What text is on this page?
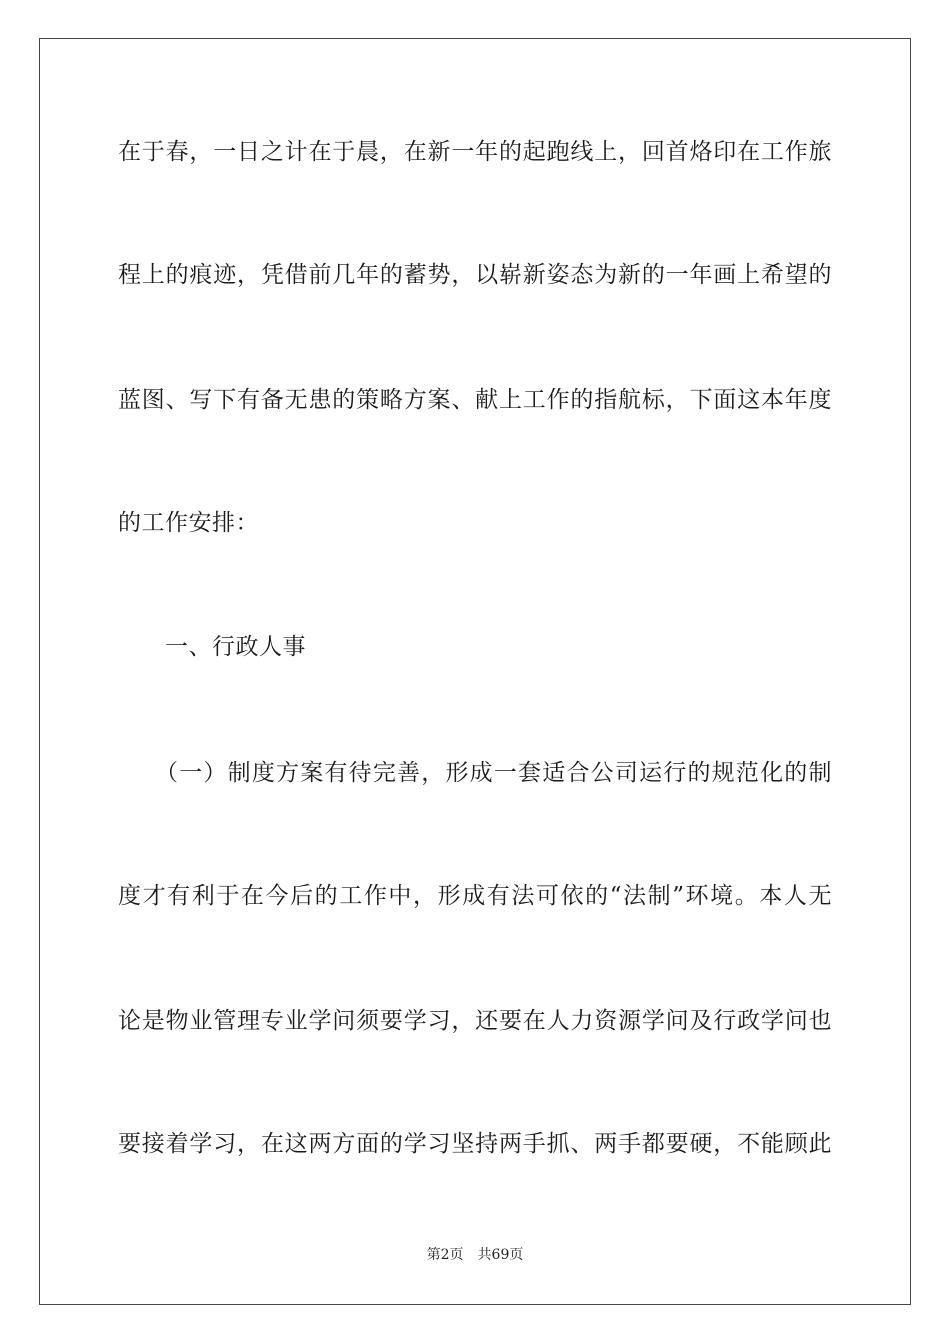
在于春，一日之计在于晨，在新一年的起跑线上，回首烙印在工作旅
程上的痕迹，凭借前几年的蓄势，以崭新姿态为新的一年画上希望的
蓝图、写下有备无患的策略方案、献上工作的指航标，下面这本年度
的工作安排：
一、行政人事
（一）制度方案有待完善，形成一套适合公司运行的规范化的制
度才有利于在今后的工作中，形成有法可依的“法制”环境。本人无
论是物业管理专业学问须要学习，还要在人力资源学问及行政学问也
要接着学习，在这两方面的学习坚持两手抓、两手都要硬，不能顾此
第2页 共69页
